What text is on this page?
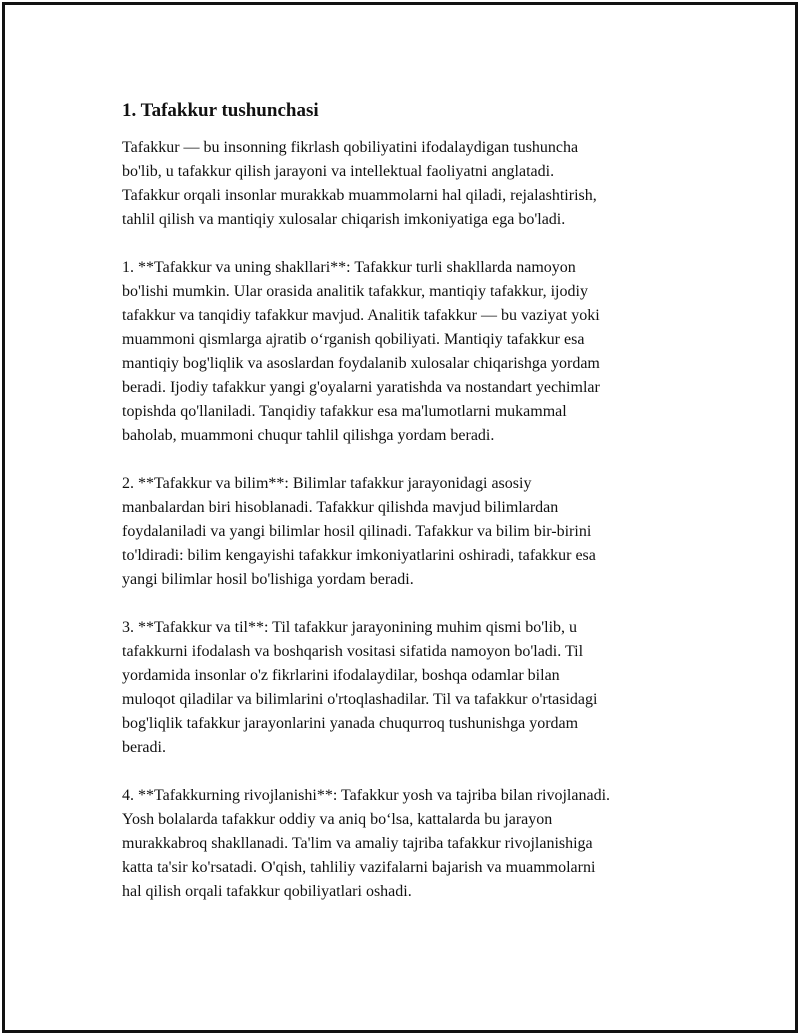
1. Tafakkur tushunchasi
Tafakkur — bu insonning fikrlash qobiliyatini ifodalaydigan tushuncha
bo'lib, u tafakkur qilish jarayoni va intellektual faoliyatni anglatadi.
Tafakkur orqali insonlar murakkab muammolarni hal qiladi, rejalashtirish,
tahlil qilish va mantiqiy xulosalar chiqarish imkoniyatiga ega bo'ladi.
1. **Tafakkur va uning shakllari**: Tafakkur turli shakllarda namoyon
bo'lishi mumkin. Ular orasida analitik tafakkur, mantiqiy tafakkur, ijodiy
tafakkur va tanqidiy tafakkur mavjud. Analitik tafakkur — bu vaziyat yoki
muammoni qismlarga ajratib o‘rganish qobiliyati. Mantiqiy tafakkur esa
mantiqiy bog'liqlik va asoslardan foydalanib xulosalar chiqarishga yordam
beradi. Ijodiy tafakkur yangi g'oyalarni yaratishda va nostandart yechimlar
topishda qo'llaniladi. Tanqidiy tafakkur esa ma'lumotlarni mukammal
baholab, muammoni chuqur tahlil qilishga yordam beradi.
2. **Tafakkur va bilim**: Bilimlar tafakkur jarayonidagi asosiy
manbalardan biri hisoblanadi. Tafakkur qilishda mavjud bilimlardan
foydalaniladi va yangi bilimlar hosil qilinadi. Tafakkur va bilim bir-birini
to'ldiradi: bilim kengayishi tafakkur imkoniyatlarini oshiradi, tafakkur esa
yangi bilimlar hosil bo'lishiga yordam beradi.
3. **Tafakkur va til**: Til tafakkur jarayonining muhim qismi bo'lib, u
tafakkurni ifodalash va boshqarish vositasi sifatida namoyon bo'ladi. Til
yordamida insonlar o'z fikrlarini ifodalaydilar, boshqa odamlar bilan
muloqot qiladilar va bilimlarini o'rtoqlashadilar. Til va tafakkur o'rtasidagi
bog'liqlik tafakkur jarayonlarini yanada chuqurroq tushunishga yordam
beradi.
4. **Tafakkurning rivojlanishi**: Tafakkur yosh va tajriba bilan rivojlanadi.
Yosh bolalarda tafakkur oddiy va aniq bo‘lsa, kattalarda bu jarayon
murakkabroq shakllanadi. Ta'lim va amaliy tajriba tafakkur rivojlanishiga
katta ta'sir ko'rsatadi. O'qish, tahliliy vazifalarni bajarish va muammolarni
hal qilish orqali tafakkur qobiliyatlari oshadi.
